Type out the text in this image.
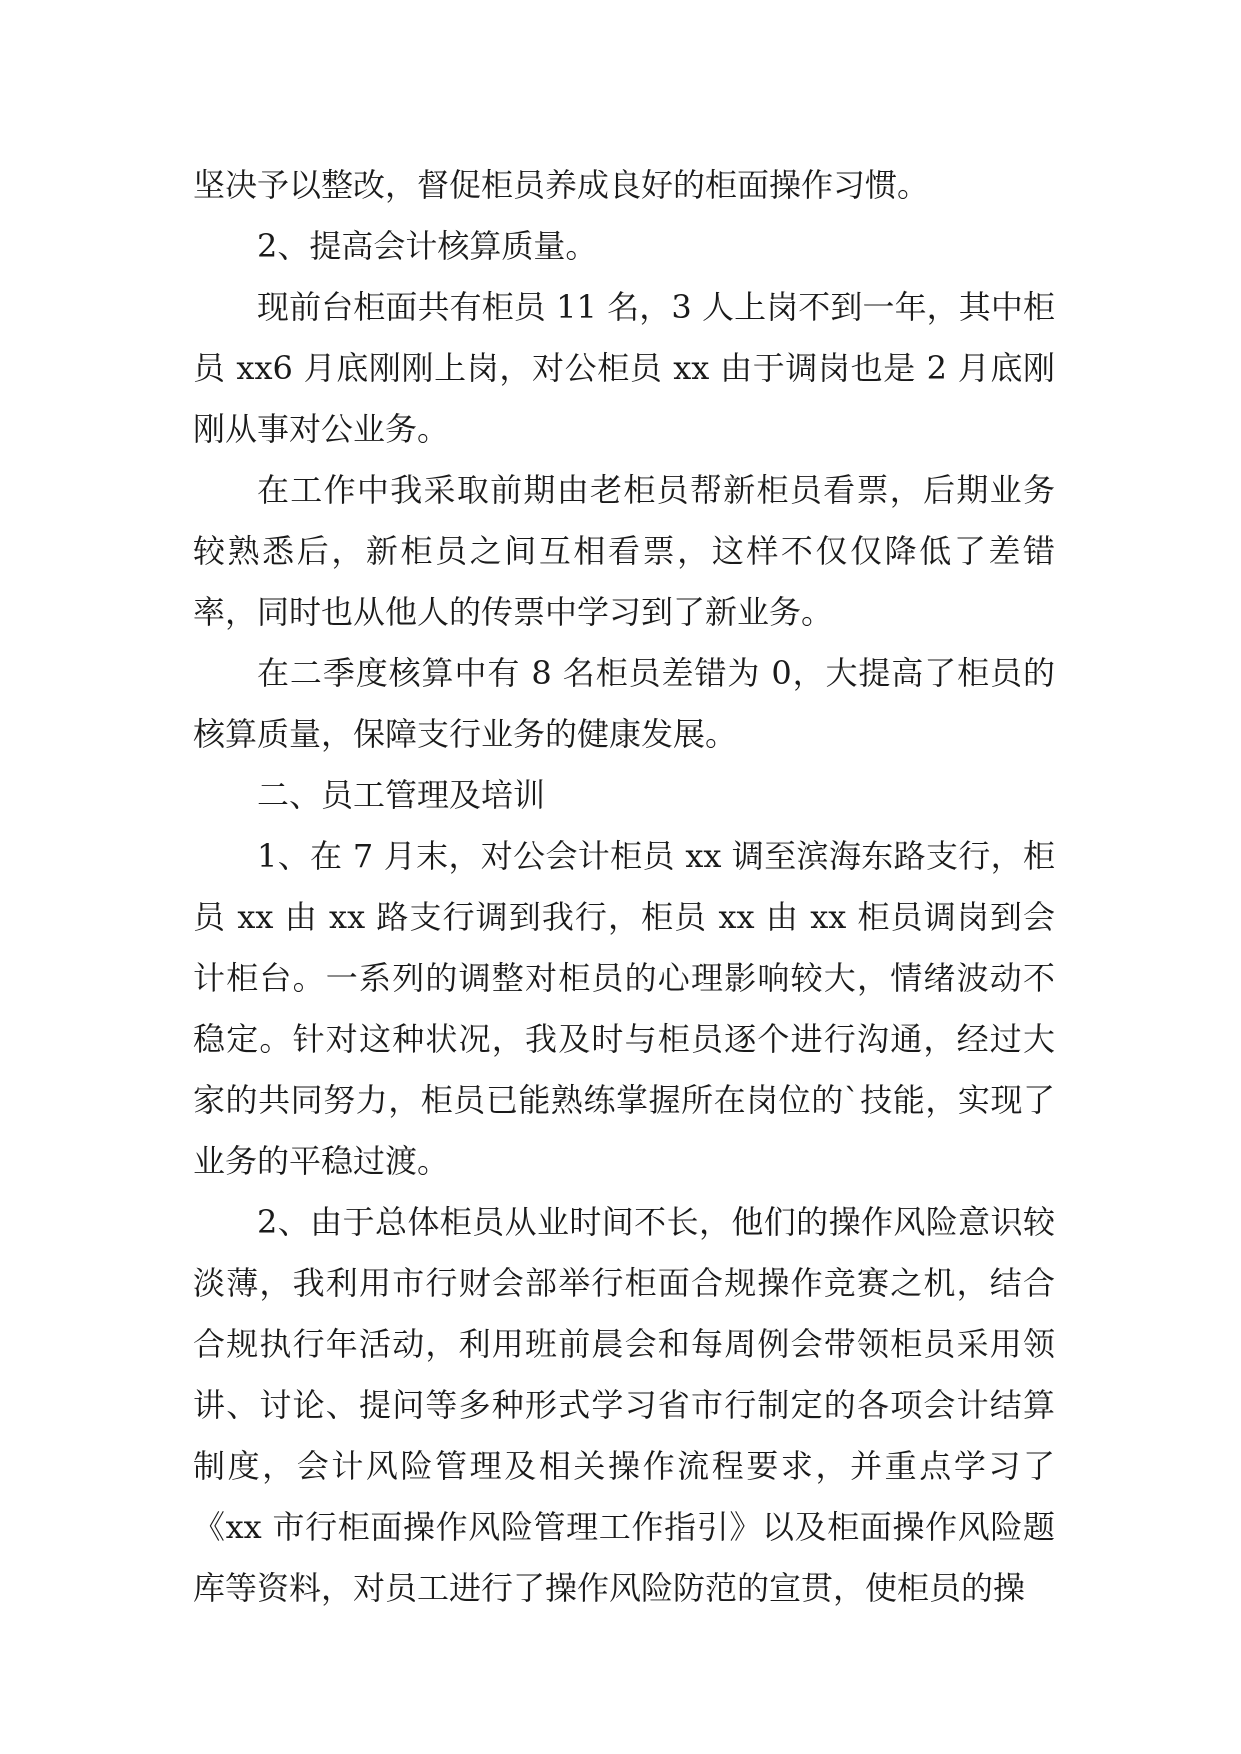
坚决予以整改，督促柜员养成良好的柜面操作习惯。

2、提高会计核算质量。

现前台柜面共有柜员 11 名，3 人上岗不到一年，其中柜员 xx6 月底刚刚上岗，对公柜员 xx 由于调岗也是 2 月底刚刚从事对公业务。

在工作中我采取前期由老柜员帮新柜员看票，后期业务较熟悉后，新柜员之间互相看票，这样不仅仅降低了差错率，同时也从他人的传票中学习到了新业务。

在二季度核算中有 8 名柜员差错为 0，大提高了柜员的核算质量，保障支行业务的健康发展。

二、员工管理及培训

1、在 7 月末，对公会计柜员 xx 调至滨海东路支行，柜员 xx 由 xx 路支行调到我行，柜员 xx 由 xx 柜员调岗到会计柜台。一系列的调整对柜员的心理影响较大，情绪波动不稳定。针对这种状况，我及时与柜员逐个进行沟通，经过大家的共同努力，柜员已能熟练掌握所在岗位的`技能，实现了业务的平稳过渡。

2、由于总体柜员从业时间不长，他们的操作风险意识较淡薄，我利用市行财会部举行柜面合规操作竞赛之机，结合合规执行年活动，利用班前晨会和每周例会带领柜员采用领讲、讨论、提问等多种形式学习省市行制定的各项会计结算制度，会计风险管理及相关操作流程要求，并重点学习了《xx 市行柜面操作风险管理工作指引》以及柜面操作风险题库等资料，对员工进行了操作风险防范的宣贯，使柜员的操
